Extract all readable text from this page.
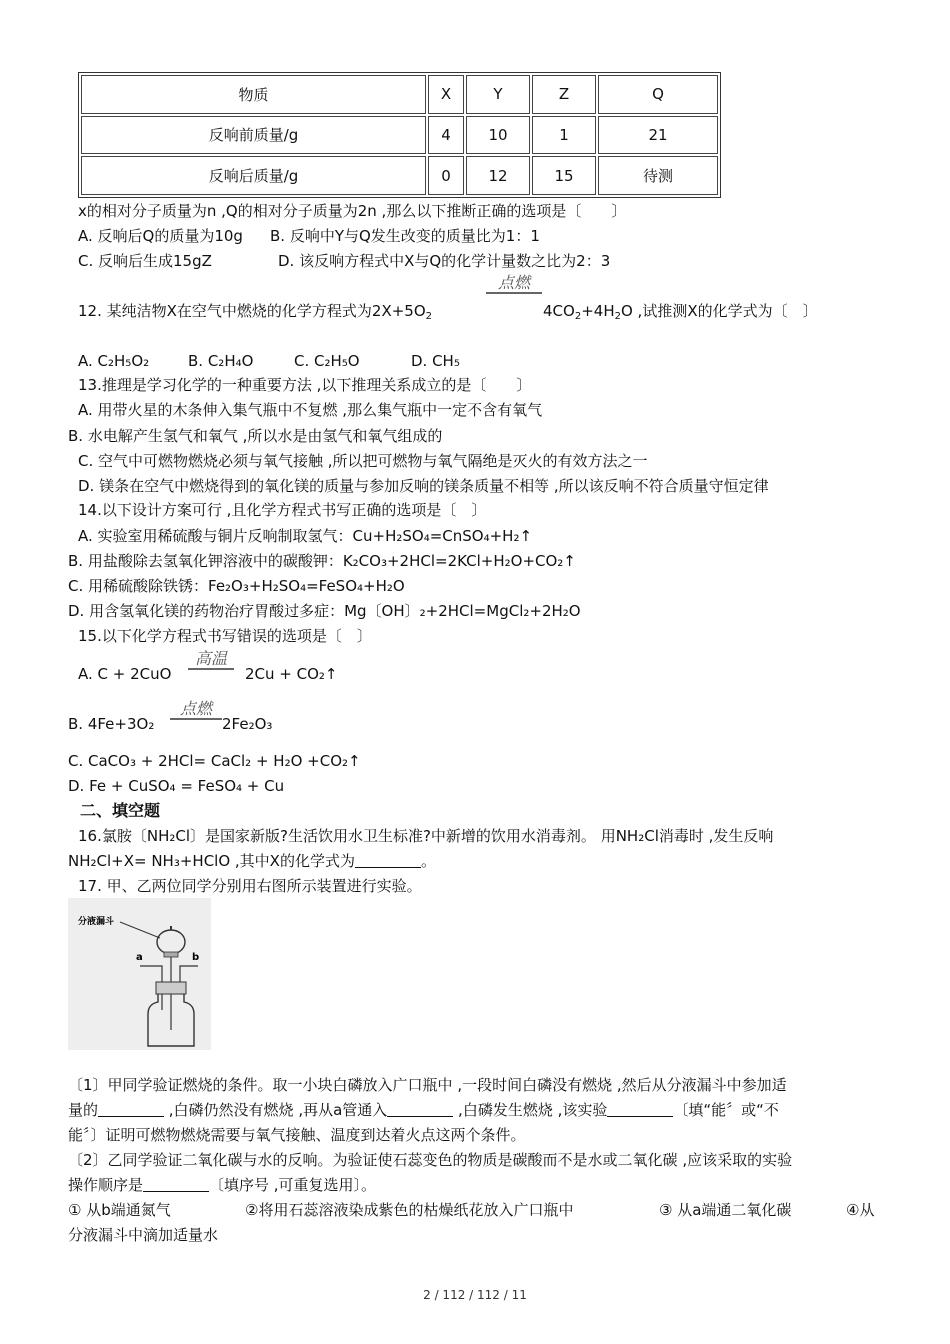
物质	X	Y	Z	Q
反响前质量/g	4	10	1	21
反响后质量/g	0	12	15	待测
x的相对分子质量为n ,Q的相对分子质量为2n ,那么以下推断正确的选项是〔　　〕
A. 反响后Q的质量为10g B. 反响中Y与Q发生改变的质量比为1：1
C. 反响后生成15gZ	D. 该反响方程式中X与Q的化学计量数之比为2：3
点燃
12. 某纯洁物X在空气中燃烧的化学方程式为$2X+5O_2$	$4CO_2+4H_2O$ ,试推测X的化学式为〔　〕
A. C₂H₅O₂	B. C₂H₄O	C. C₂H₅O	D. CH₅
13.推理是学习化学的一种重要方法 ,以下推理关系成立的是〔　　〕
A. 用带火星的木条伸入集气瓶中不复燃 ,那么集气瓶中一定不含有氧气
B. 水电解产生氢气和氧气 ,所以水是由氢气和氧气组成的
C. 空气中可燃物燃烧必须与氧气接触 ,所以把可燃物与氧气隔绝是灭火的有效方法之一
D. 镁条在空气中燃烧得到的氧化镁的质量与参加反响的镁条质量不相等 ,所以该反响不符合质量守恒定律
14.以下设计方案可行 ,且化学方程式书写正确的选项是〔　〕
A. 实验室用稀硫酸与铜片反响制取氢气：Cu+H₂SO₄=CnSO₄+H₂↑
B. 用盐酸除去氢氧化钾溶液中的碳酸钾：K₂CO₃+2HCl=2KCl+H₂O+CO₂↑
C. 用稀硫酸除铁锈：Fe₂O₃+H₂SO₄=FeSO₄+H₂O
D. 用含氢氧化镁的药物治疗胃酸过多症：Mg〔OH〕₂+2HCl=MgCl₂+2H₂O
15.以下化学方程式书写错误的选项是〔　〕
A. C + 2CuO
高温
2Cu + CO₂↑
B. 4Fe+3O₂
点燃
2Fe₂O₃
C. CaCO₃ + 2HCl= CaCl₂ + H₂O +CO₂↑
D. Fe + CuSO₄ = FeSO₄ + Cu
二、填空题
16.氯胺〔NH₂Cl〕是国家新版?生活饮用水卫生标准?中新增的饮用水消毒剂。 用NH₂Cl消毒时 ,发生反响
NH₂Cl+X= NH₃+HClO ,其中X的化学式为	。
17. 甲、乙两位同学分别用右图所示装置进行实验。
分液漏斗
a	b
〔1〕甲同学验证燃烧的条件。取一小块白磷放入广口瓶中 ,一段时间白磷没有燃烧 ,然后从分液漏斗中参加适
量的	,白磷仍然没有燃烧 ,再从a管通入	,白磷发生燃烧 ,该实验	〔填“能〞或“不
能〞〕证明可燃物燃烧需要与氧气接触、温度到达着火点这两个条件。
〔2〕乙同学验证二氧化碳与水的反响。为验证使石蕊变色的物质是碳酸而不是水或二氧化碳 ,应该采取的实验
操作顺序是	〔填序号 ,可重复选用〕。
① 从b端通氮气	②将用石蕊溶液染成紫色的枯燥纸花放入广口瓶中	③ 从a端通二氧化碳	④从
分液漏斗中滴加适量水
2 / 112 / 112 / 11
